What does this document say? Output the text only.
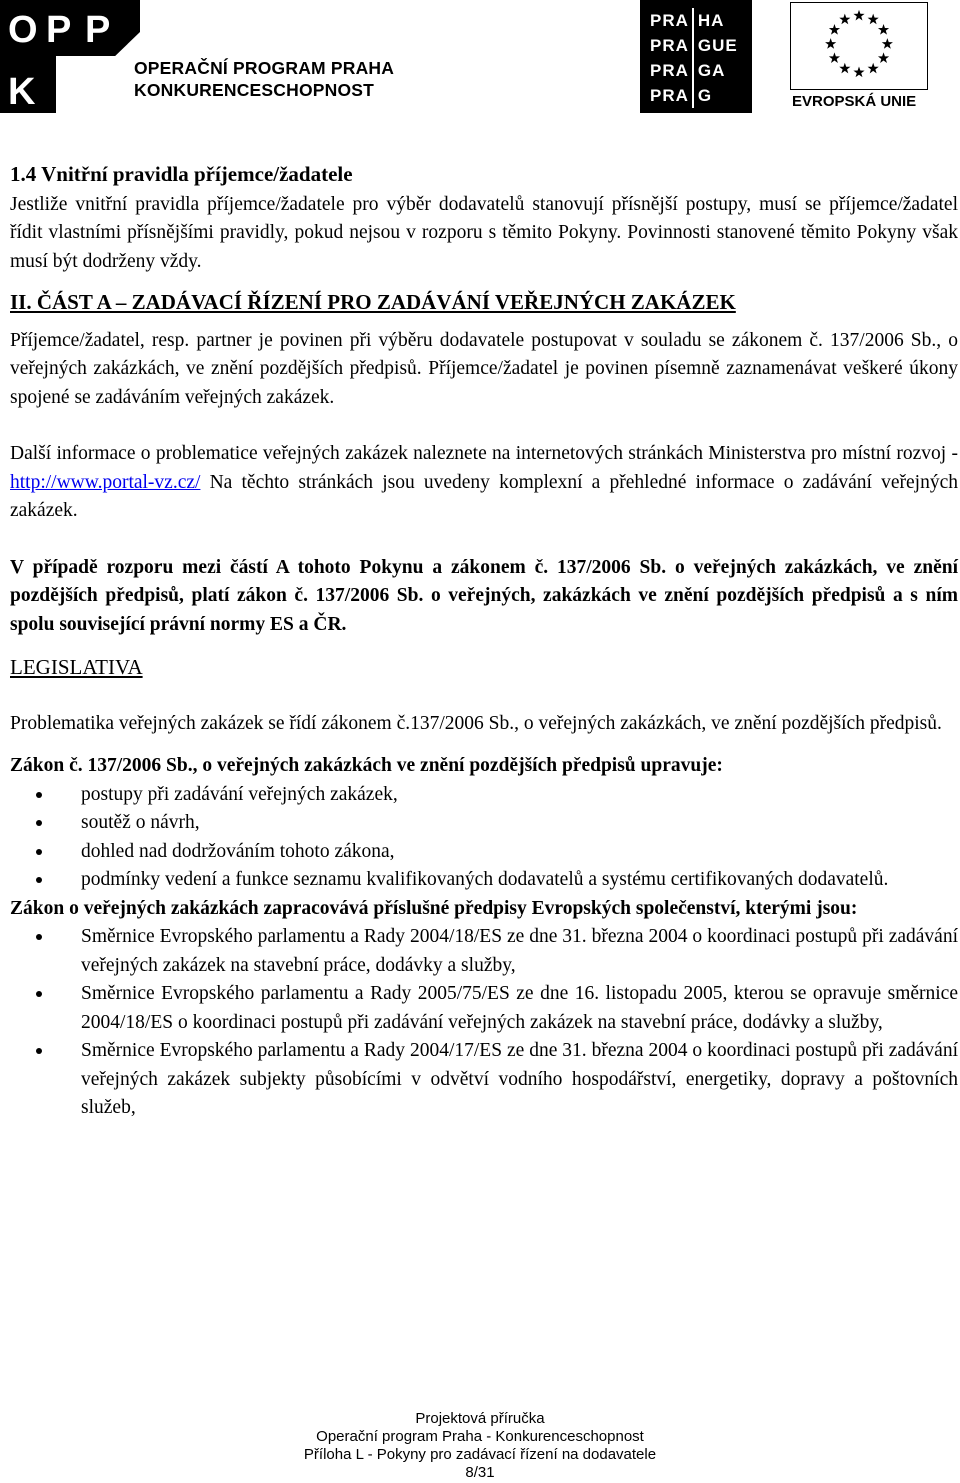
O P P
K
OPERAČNÍ PROGRAM PRAHA
KONKURENCESCHOPNOST
PRA	HA
PRA	GUE
PRA	GA
PRA	G	EVROPSKÁ UNIE
1.4 Vnitřní pravidla příjemce/žadatele

Jestliže vnitřní pravidla příjemce/žadatele pro výběr dodavatelů stanovují přísnější postupy, musí se příjemce/žadatel řídit vlastními přísnějšími pravidly, pokud nejsou v rozporu s těmito Pokyny. Povinnosti stanovené těmito Pokyny však musí být dodrženy vždy.

II. ČÁST A – ZADÁVACÍ ŘÍZENÍ PRO ZADÁVÁNÍ VEŘEJNÝCH ZAKÁZEK

Příjemce/žadatel, resp. partner je povinen při výběru dodavatele postupovat v souladu se zákonem č. 137/2006 Sb., o veřejných zakázkách, ve znění pozdějších předpisů. Příjemce/žadatel je povinen písemně zaznamenávat veškeré úkony spojené se zadáváním veřejných zakázek.

Další informace o problematice veřejných zakázek naleznete na internetových stránkách Ministerstva pro místní rozvoj - http://www.portal-vz.cz/ Na těchto stránkách jsou uvedeny komplexní a přehledné informace o zadávání veřejných zakázek.

V případě rozporu mezi částí A tohoto Pokynu a zákonem č. 137/2006 Sb. o veřejných zakázkách, ve znění pozdějších předpisů, platí zákon č. 137/2006 Sb. o veřejných, zakázkách ve znění pozdějších předpisů a s ním spolu související právní normy ES a ČR.

LEGISLATIVA

Problematika veřejných zakázek se řídí zákonem č.137/2006 Sb., o veřejných zakázkách, ve znění pozdějších předpisů.

Zákon č. 137/2006 Sb., o veřejných zakázkách ve znění pozdějších předpisů upravuje:

postupy při zadávání veřejných zakázek,
soutěž o návrh,
dohled nad dodržováním tohoto zákona,
podmínky vedení a funkce seznamu kvalifikovaných dodavatelů a systému certifikovaných dodavatelů.

Zákon o veřejných zakázkách zapracovává příslušné předpisy Evropských společenství, kterými jsou:

Směrnice Evropského parlamentu a Rady 2004/18/ES ze dne 31. března 2004 o koordinaci postupů při zadávání veřejných zakázek na stavební práce, dodávky a služby,
Směrnice Evropského parlamentu a Rady 2005/75/ES ze dne 16. listopadu 2005, kterou se opravuje směrnice 2004/18/ES o koordinaci postupů při zadávání veřejných zakázek na stavební práce, dodávky a služby,
Směrnice Evropského parlamentu a Rady 2004/17/ES ze dne 31. března 2004 o koordinaci postupů při zadávání veřejných zakázek subjekty působícími v odvětví vodního hospodářství, energetiky, dopravy a poštovních služeb,
Projektová příručka
Operační program Praha - Konkurenceschopnost
Příloha L - Pokyny pro zadávací řízení na dodavatele
8/31
